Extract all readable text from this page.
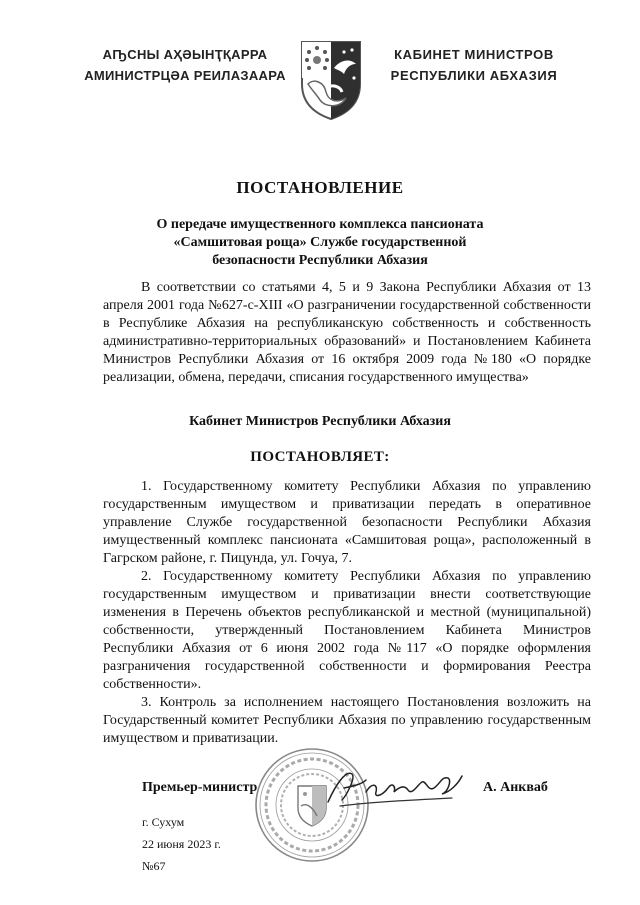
АҦСНЫ АҲӘЫНҬҚАРРА
АМИНИСТРЦӘА РЕИЛАЗААРА
КАБИНЕТ МИНИСТРОВ
РЕСПУБЛИКИ АБХАЗИЯ
ПОСТАНОВЛЕНИЕ
О передаче имущественного комплекса пансионата
«Самшитовая роща» Службе государственной
безопасности Республики Абхазия

В соответствии со статьями 4, 5 и 9 Закона Республики Абхазия от 13 апреля 2001 года №627-с-XIII «О разграничении государственной собственности в Республике Абхазия на республиканскую собственность и собственность административно-территориальных образований» и Постановлением Кабинета Министров Республики Абхазия от 16 октября 2009 года №180 «О порядке реализации, обмена, передачи, списания государственного имущества»

Кабинет Министров Республики Абхазия
ПОСТАНОВЛЯЕТ:

1. Государственному комитету Республики Абхазия по управлению государственным имуществом и приватизации передать в оперативное управление Службе государственной безопасности Республики Абхазия имущественный комплекс пансионата «Самшитовая роща», расположенный в Гагрском районе, г. Пицунда, ул. Гочуа, 7.

2. Государственному комитету Республики Абхазия по управлению государственным имуществом и приватизации внести соответствующие изменения в Перечень объектов республиканской и местной (муниципальной) собственности, утвержденный Постановлением Кабинета Министров Республики Абхазия от 6 июня 2002 года №117 «О порядке оформления разграничения государственной собственности и формирования Реестра собственности».

3. Контроль за исполнением настоящего Постановления возложить на Государственный комитет Республики Абхазия по управлению государственным имуществом и приватизации.

Премьер-министр	А. Анкваб
г. Сухум
22 июня 2023 г.
№67
